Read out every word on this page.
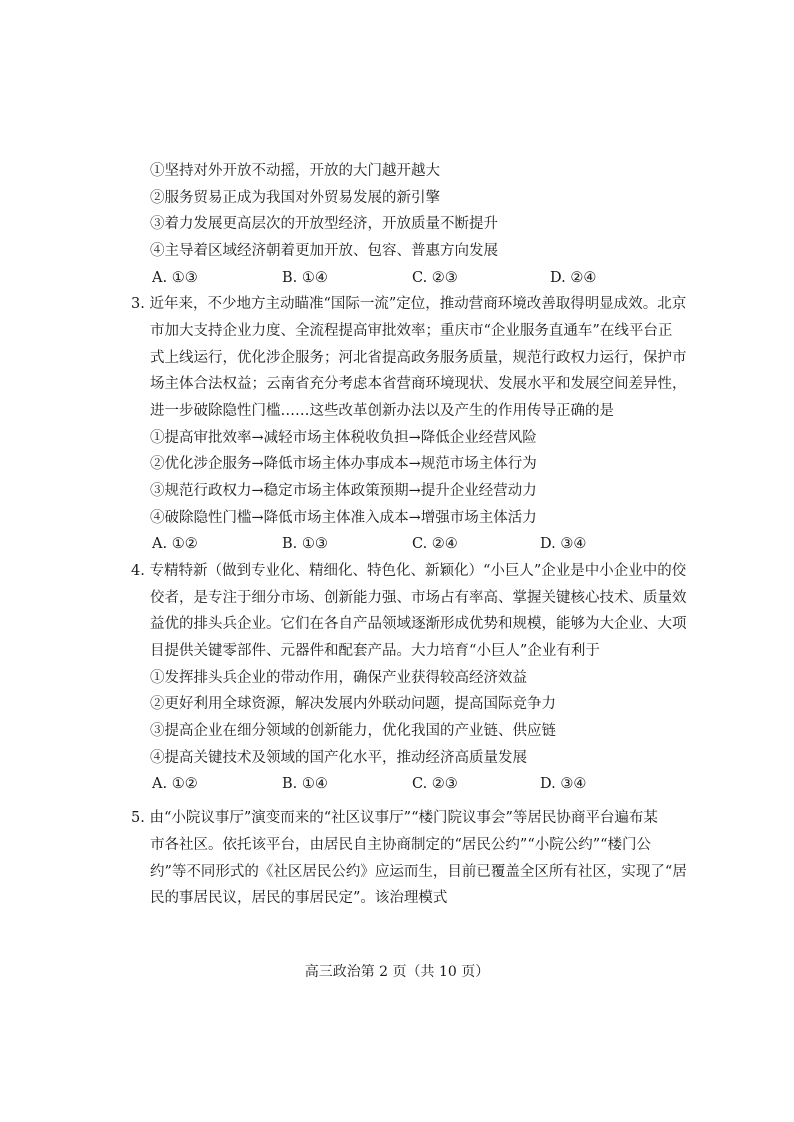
①坚持对外开放不动摇，开放的大门越开越大
②服务贸易正成为我国对外贸易发展的新引擎
③着力发展更高层次的开放型经济，开放质量不断提升
④主导着区域经济朝着更加开放、包容、普惠方向发展
A. ①③	B. ①④	C. ②③	D. ②④
3. 近年来，不少地方主动瞄准“国际一流”定位，推动营商环境改善取得明显成效。北京
市加大支持企业力度、全流程提高审批效率；重庆市“企业服务直通车”在线平台正
式上线运行，优化涉企服务；河北省提高政务服务质量，规范行政权力运行，保护市
场主体合法权益；云南省充分考虑本省营商环境现状、发展水平和发展空间差异性，
进一步破除隐性门槛……这些改革创新办法以及产生的作用传导正确的是
①提高审批效率→减轻市场主体税收负担→降低企业经营风险
②优化涉企服务→降低市场主体办事成本→规范市场主体行为
③规范行政权力→稳定市场主体政策预期→提升企业经营动力
④破除隐性门槛→降低市场主体准入成本→增强市场主体活力
A. ①②	B. ①③	C. ②④	D. ③④
4. 专精特新（做到专业化、精细化、特色化、新颖化）“小巨人”企业是中小企业中的佼
佼者，是专注于细分市场、创新能力强、市场占有率高、掌握关键核心技术、质量效
益优的排头兵企业。它们在各自产品领域逐渐形成优势和规模，能够为大企业、大项
目提供关键零部件、元器件和配套产品。大力培育“小巨人”企业有利于
①发挥排头兵企业的带动作用，确保产业获得较高经济效益
②更好利用全球资源，解决发展内外联动问题，提高国际竞争力
③提高企业在细分领域的创新能力，优化我国的产业链、供应链
④提高关键技术及领域的国产化水平，推动经济高质量发展
A. ①②	B. ①④	C. ②③	D. ③④
5. 由“小院议事厅”演变而来的“社区议事厅”“楼门院议事会”等居民协商平台遍布某
市各社区。依托该平台，由居民自主协商制定的“居民公约”“小院公约”“楼门公
约”等不同形式的《社区居民公约》应运而生，目前已覆盖全区所有社区，实现了“居
民的事居民议，居民的事居民定”。该治理模式
高三政治第 2 页（共 10 页）
